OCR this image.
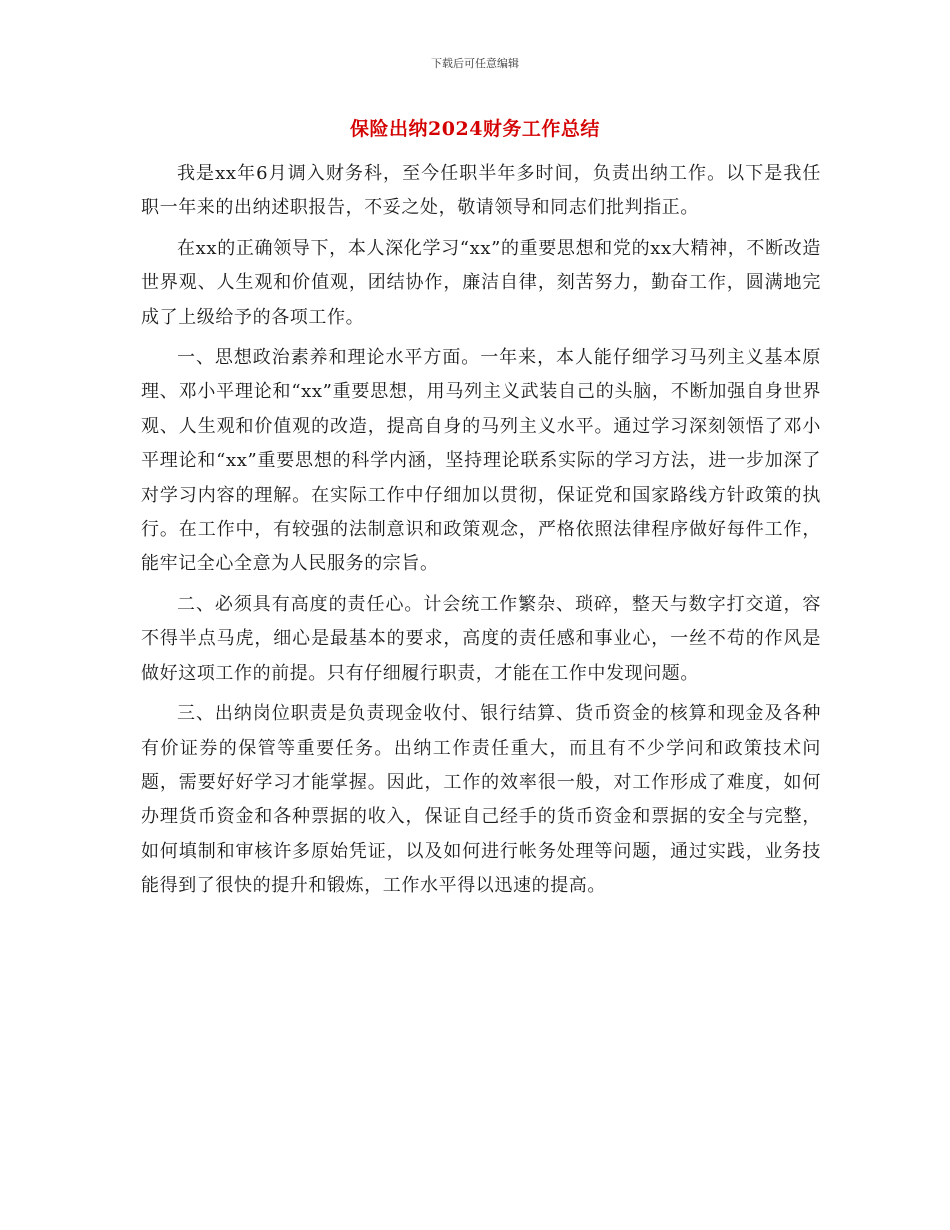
下载后可任意编辑
保险出纳2024财务工作总结

我是xx年6月调入财务科，至今任职半年多时间，负责出纳工作。以下是我任职一年来的出纳述职报告，不妥之处，敬请领导和同志们批判指正。

在xx的正确领导下，本人深化学习“xx”的重要思想和党的xx大精神，不断改造世界观、人生观和价值观，团结协作，廉洁自律，刻苦努力，勤奋工作，圆满地完成了上级给予的各项工作。

一、思想政治素养和理论水平方面。一年来，本人能仔细学习马列主义基本原理、邓小平理论和“xx”重要思想，用马列主义武装自己的头脑，不断加强自身世界观、人生观和价值观的改造，提高自身的马列主义水平。通过学习深刻领悟了邓小平理论和“xx”重要思想的科学内涵，坚持理论联系实际的学习方法，进一步加深了对学习内容的理解。在实际工作中仔细加以贯彻，保证党和国家路线方针政策的执行。在工作中，有较强的法制意识和政策观念，严格依照法律程序做好每件工作，能牢记全心全意为人民服务的宗旨。

二、必须具有高度的责任心。计会统工作繁杂、琐碎，整天与数字打交道，容不得半点马虎，细心是最基本的要求，高度的责任感和事业心，一丝不苟的作风是做好这项工作的前提。只有仔细履行职责，才能在工作中发现问题。

三、出纳岗位职责是负责现金收付、银行结算、货币资金的核算和现金及各种有价证券的保管等重要任务。出纳工作责任重大，而且有不少学问和政策技术问题，需要好好学习才能掌握。因此，工作的效率很一般，对工作形成了难度，如何办理货币资金和各种票据的收入，保证自己经手的货币资金和票据的安全与完整，如何填制和审核许多原始凭证，以及如何进行帐务处理等问题，通过实践，业务技能得到了很快的提升和锻炼，工作水平得以迅速的提高。
